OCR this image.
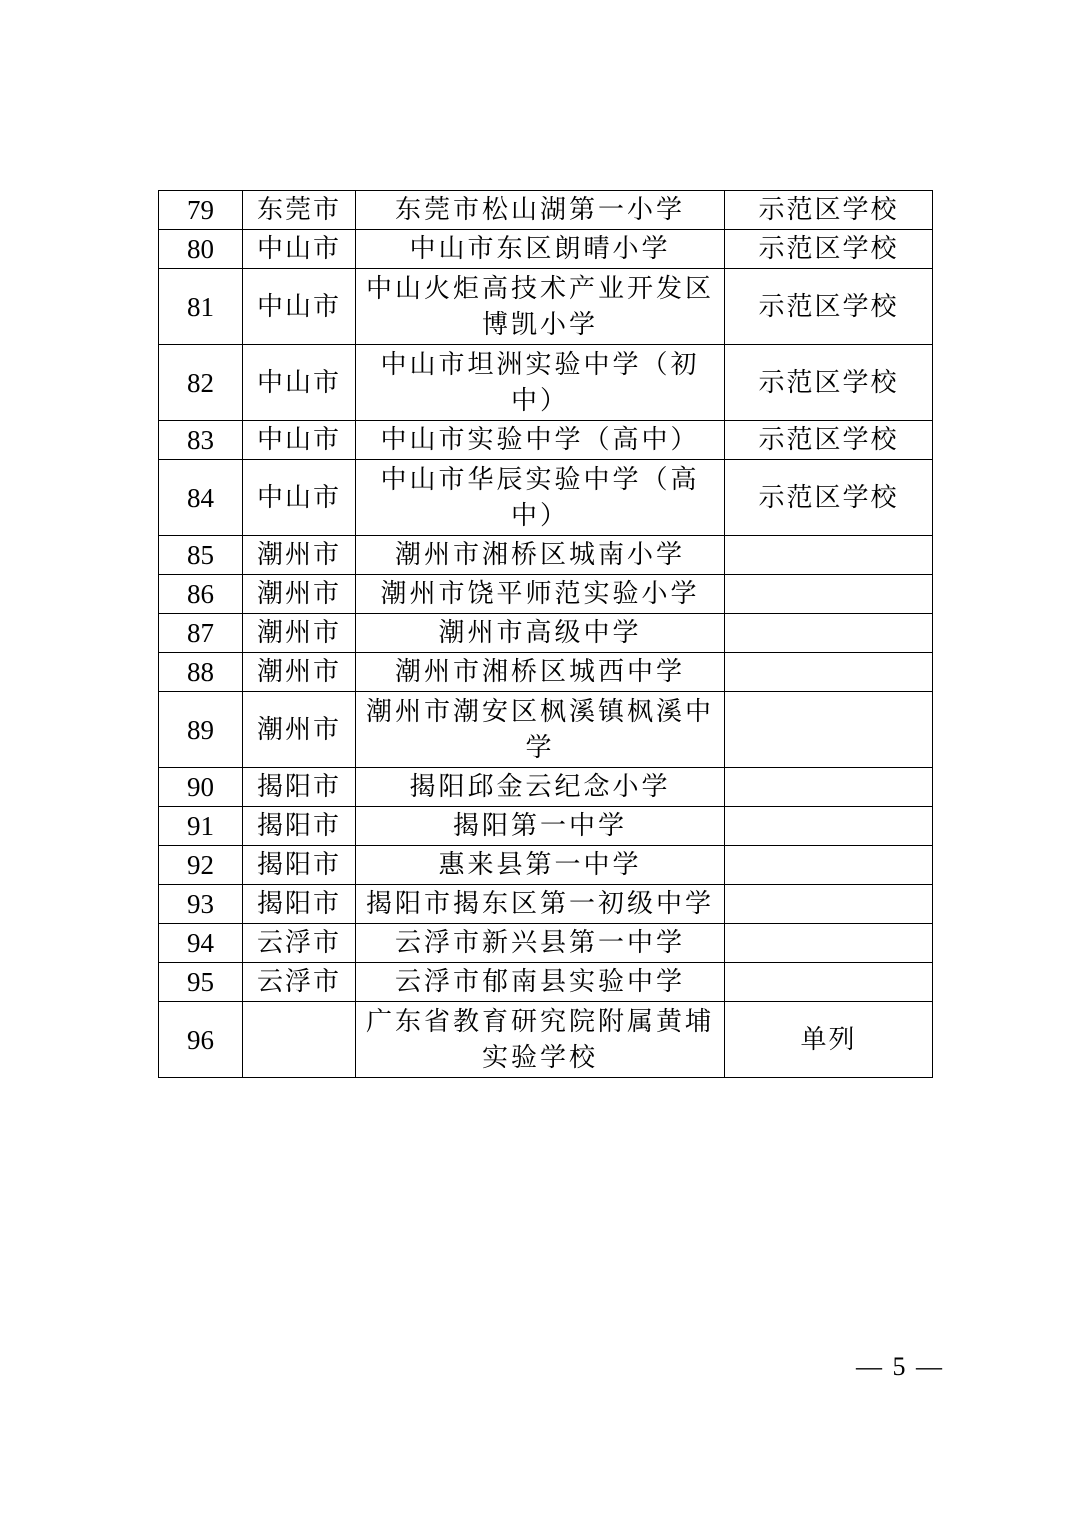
79	东莞市	东莞市松山湖第一小学	示范区学校
80	中山市	中山市东区朗晴小学	示范区学校
81	中山市	中山火炬高技术产业开发区博凯小学	示范区学校
82	中山市	中山市坦洲实验中学（初中）	示范区学校
83	中山市	中山市实验中学（高中）	示范区学校
84	中山市	中山市华辰实验中学（高中）	示范区学校
85	潮州市	潮州市湘桥区城南小学	
86	潮州市	潮州市饶平师范实验小学	
87	潮州市	潮州市高级中学	
88	潮州市	潮州市湘桥区城西中学	
89	潮州市	潮州市潮安区枫溪镇枫溪中学	
90	揭阳市	揭阳邱金云纪念小学	
91	揭阳市	揭阳第一中学	
92	揭阳市	惠来县第一中学	
93	揭阳市	揭阳市揭东区第一初级中学	
94	云浮市	云浮市新兴县第一中学	
95	云浮市	云浮市郁南县实验中学	
96		广东省教育研究院附属黄埔实验学校	单列
— 5 —
